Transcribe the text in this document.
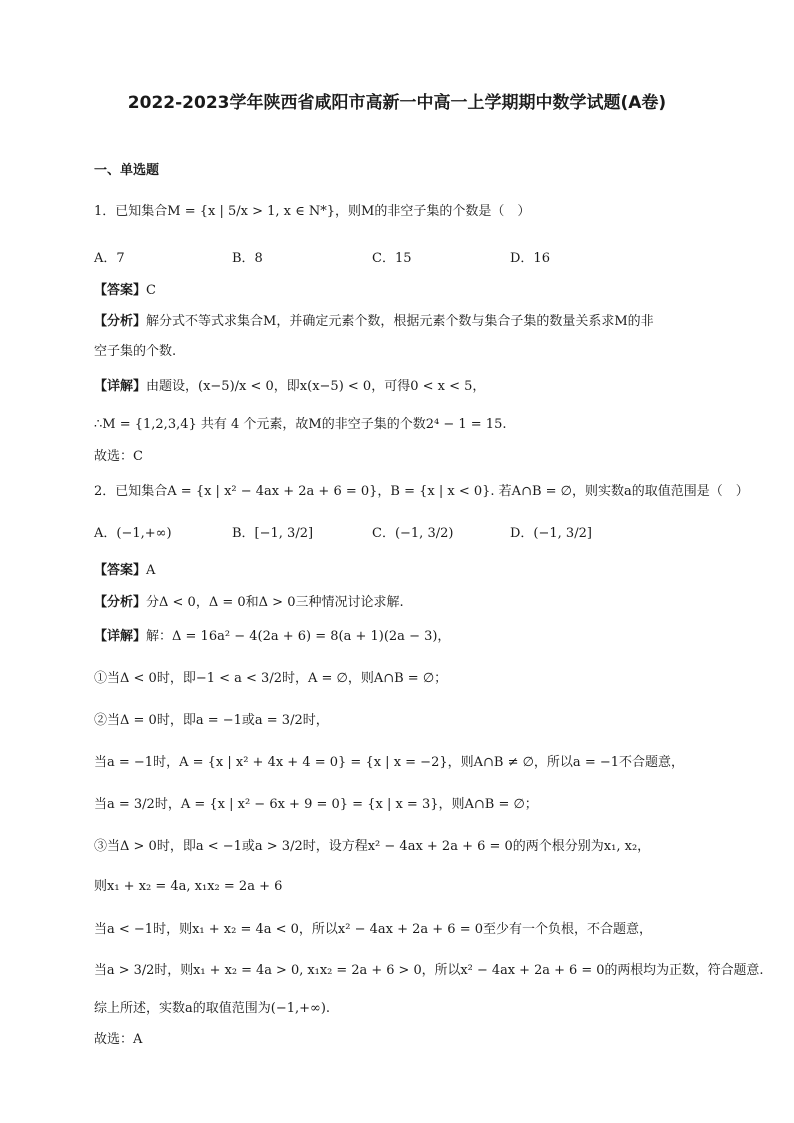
2022-2023学年陕西省咸阳市高新一中高一上学期期中数学试题(A卷)
一、单选题
1．已知集合M = {x | 5/x > 1, x ∈ N*}，则M的非空子集的个数是（　）
A．7	B．8	C．15	D．16
【答案】C
【分析】解分式不等式求集合M，并确定元素个数，根据元素个数与集合子集的数量关系求M的非
空子集的个数.
【详解】由题设，(x−5)/x < 0，即x(x−5) < 0，可得0 < x < 5，
∴M = {1,2,3,4} 共有 4 个元素，故M的非空子集的个数2⁴ − 1 = 15.
故选：C
2．已知集合A = {x | x² − 4ax + 2a + 6 = 0}，B = {x | x < 0}. 若A∩B = ∅，则实数a的取值范围是（　）
A．(−1,+∞)	B．[−1, 3/2]	C．(−1, 3/2)	D．(−1, 3/2]
【答案】A
【分析】分Δ < 0，Δ = 0和Δ > 0三种情况讨论求解.
【详解】解：Δ = 16a² − 4(2a + 6) = 8(a + 1)(2a − 3)，
①当Δ < 0时，即−1 < a < 3/2时，A = ∅，则A∩B = ∅；
②当Δ = 0时，即a = −1或a = 3/2时，
当a = −1时，A = {x | x² + 4x + 4 = 0} = {x | x = −2}，则A∩B ≠ ∅，所以a = −1不合题意，
当a = 3/2时，A = {x | x² − 6x + 9 = 0} = {x | x = 3}，则A∩B = ∅；
③当Δ > 0时，即a < −1或a > 3/2时，设方程x² − 4ax + 2a + 6 = 0的两个根分别为x₁, x₂，
则x₁ + x₂ = 4a, x₁x₂ = 2a + 6
当a < −1时，则x₁ + x₂ = 4a < 0，所以x² − 4ax + 2a + 6 = 0至少有一个负根，不合题意，
当a > 3/2时，则x₁ + x₂ = 4a > 0, x₁x₂ = 2a + 6 > 0，所以x² − 4ax + 2a + 6 = 0的两根均为正数，符合题意.
综上所述，实数a的取值范围为(−1,+∞).
故选：A
